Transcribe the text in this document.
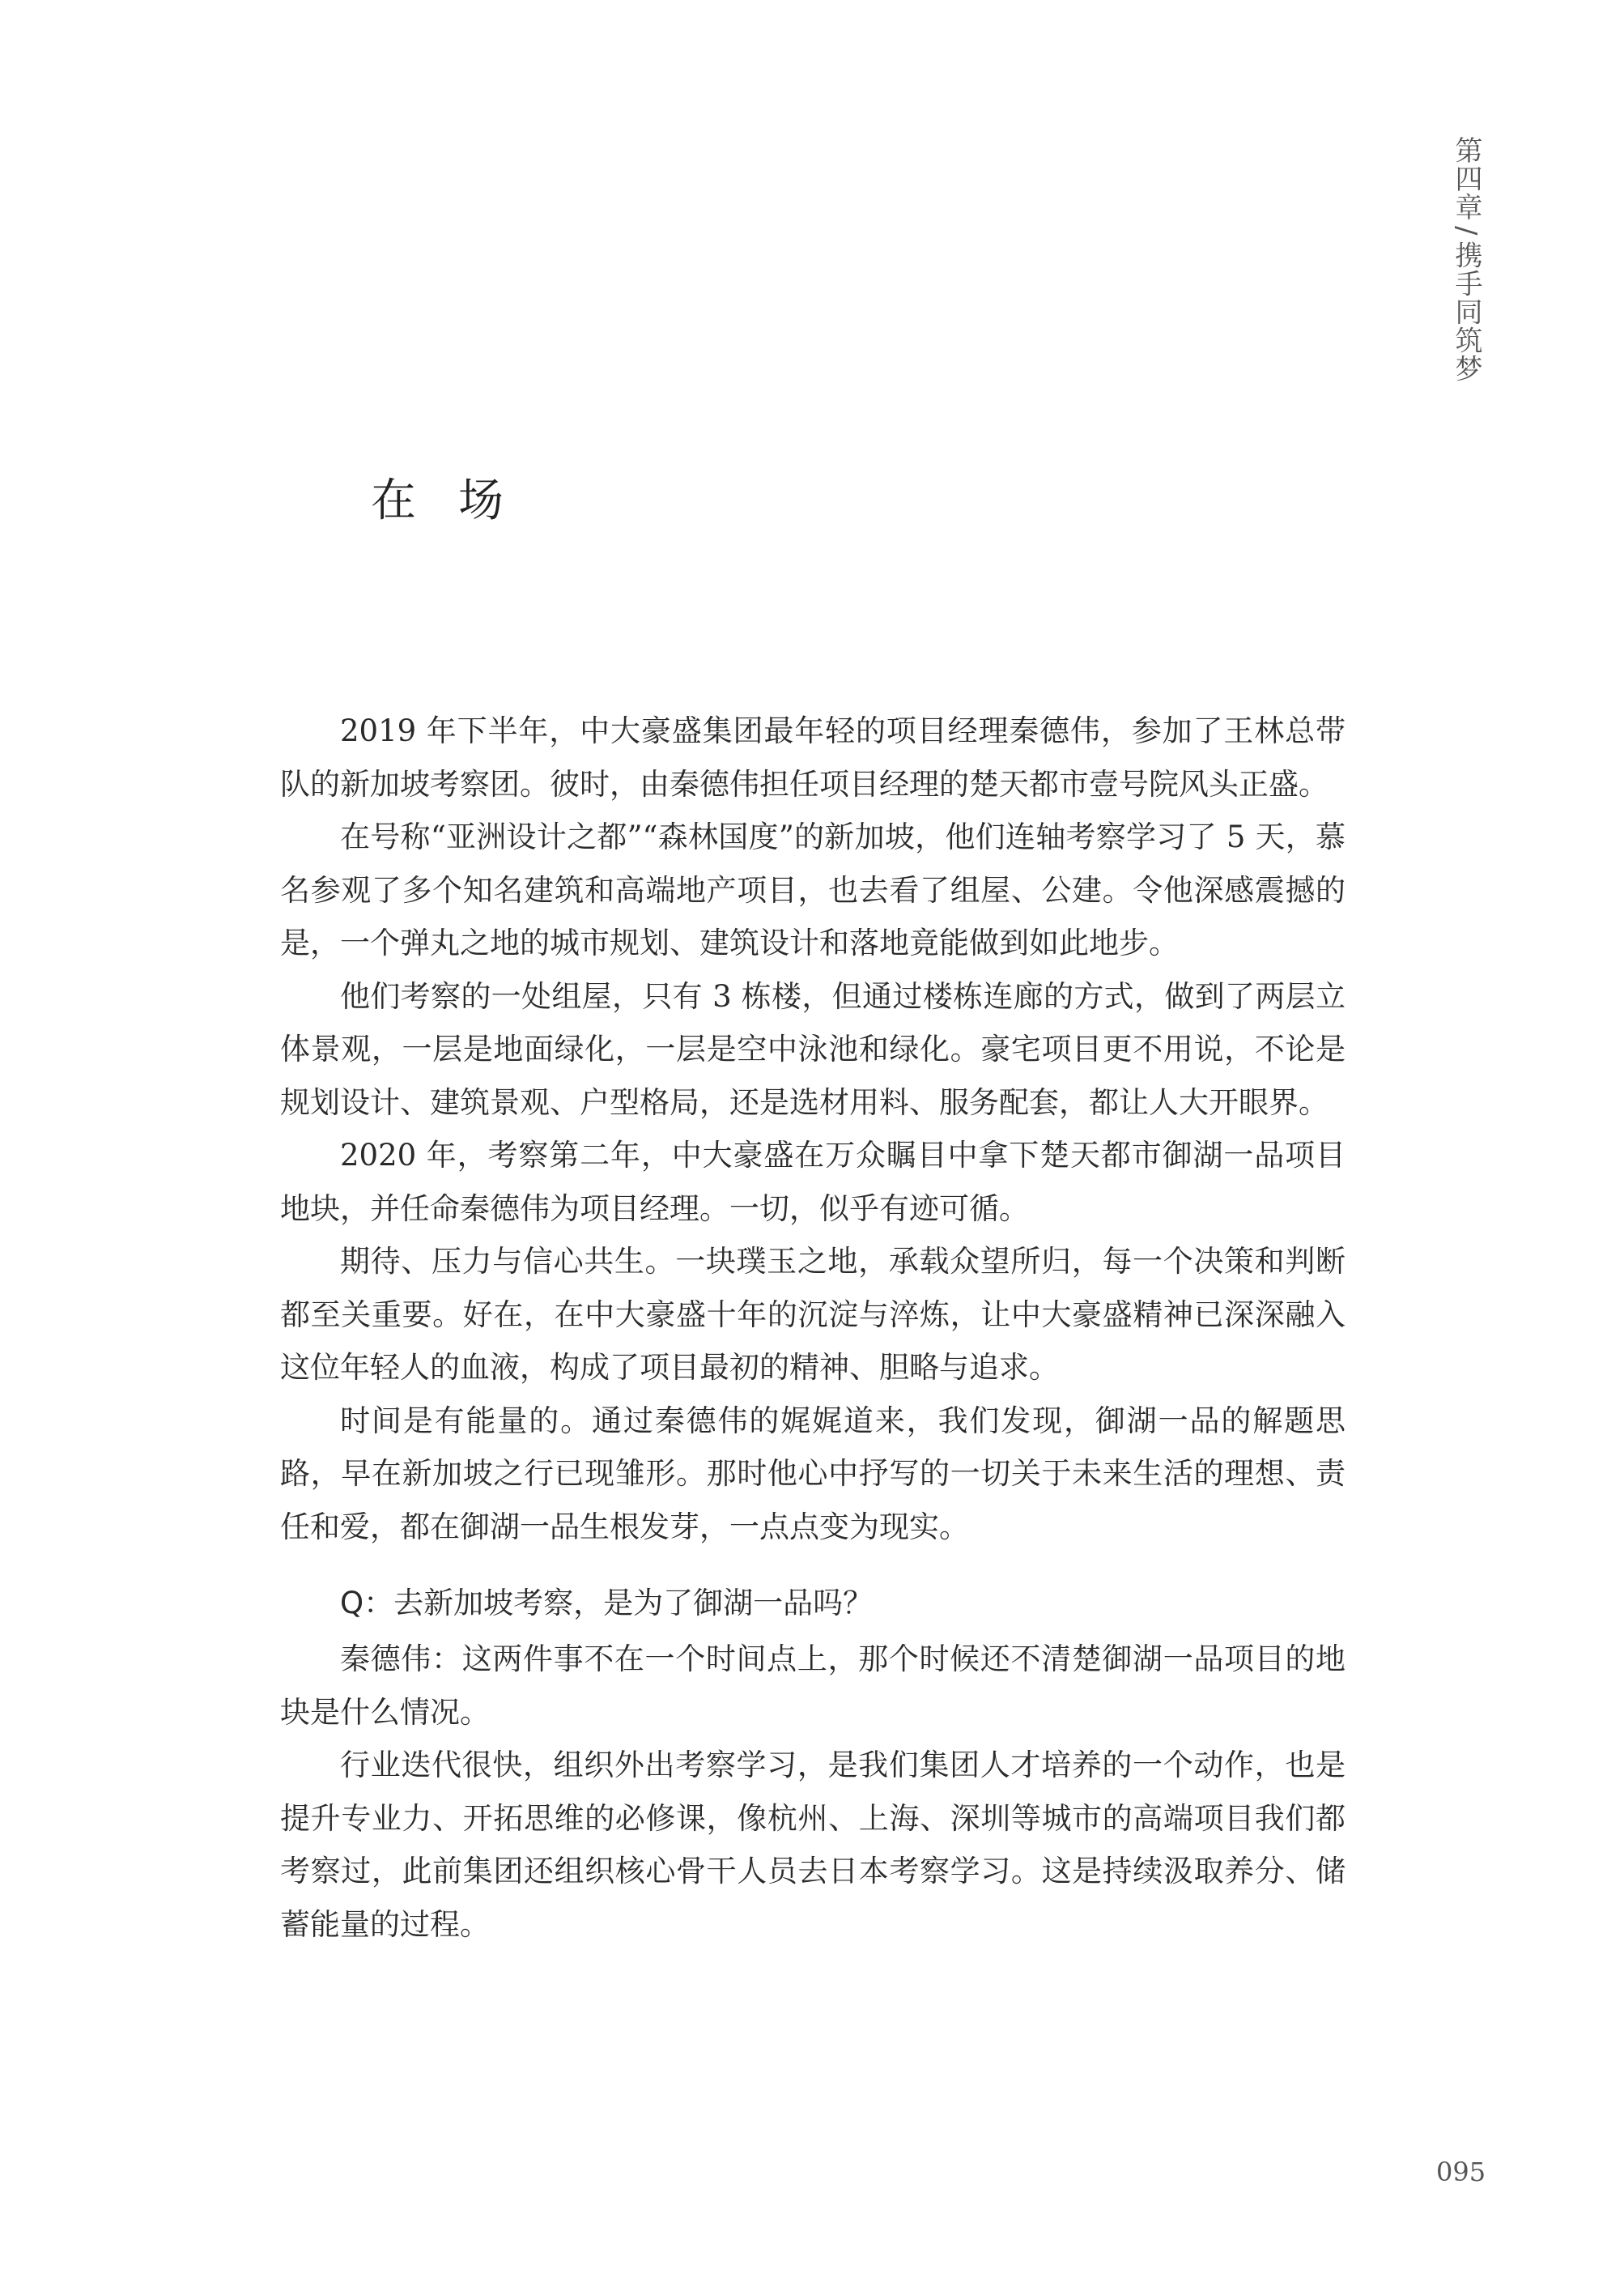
第四章/携手同筑梦
在场

2019 年下半年，中大豪盛集团最年轻的项目经理秦德伟，参加了王林总带队的新加坡考察团。彼时，由秦德伟担任项目经理的楚天都市壹号院风头正盛。

在号称“亚洲设计之都”“森林国度”的新加坡，他们连轴考察学习了 5 天，慕名参观了多个知名建筑和高端地产项目，也去看了组屋、公建。令他深感震撼的是，一个弹丸之地的城市规划、建筑设计和落地竟能做到如此地步。

他们考察的一处组屋，只有 3 栋楼，但通过楼栋连廊的方式，做到了两层立体景观，一层是地面绿化，一层是空中泳池和绿化。豪宅项目更不用说，不论是规划设计、建筑景观、户型格局，还是选材用料、服务配套，都让人大开眼界。

2020 年，考察第二年，中大豪盛在万众瞩目中拿下楚天都市御湖一品项目地块，并任命秦德伟为项目经理。一切，似乎有迹可循。

期待、压力与信心共生。一块璞玉之地，承载众望所归，每一个决策和判断都至关重要。好在，在中大豪盛十年的沉淀与淬炼，让中大豪盛精神已深深融入这位年轻人的血液，构成了项目最初的精神、胆略与追求。

时间是有能量的。通过秦德伟的娓娓道来，我们发现，御湖一品的解题思路，早在新加坡之行已现雏形。那时他心中抒写的一切关于未来生活的理想、责任和爱，都在御湖一品生根发芽，一点点变为现实。

Q：去新加坡考察，是为了御湖一品吗？

秦德伟：这两件事不在一个时间点上，那个时候还不清楚御湖一品项目的地块是什么情况。

行业迭代很快，组织外出考察学习，是我们集团人才培养的一个动作，也是提升专业力、开拓思维的必修课，像杭州、上海、深圳等城市的高端项目我们都考察过，此前集团还组织核心骨干人员去日本考察学习。这是持续汲取养分、储蓄能量的过程。

095
